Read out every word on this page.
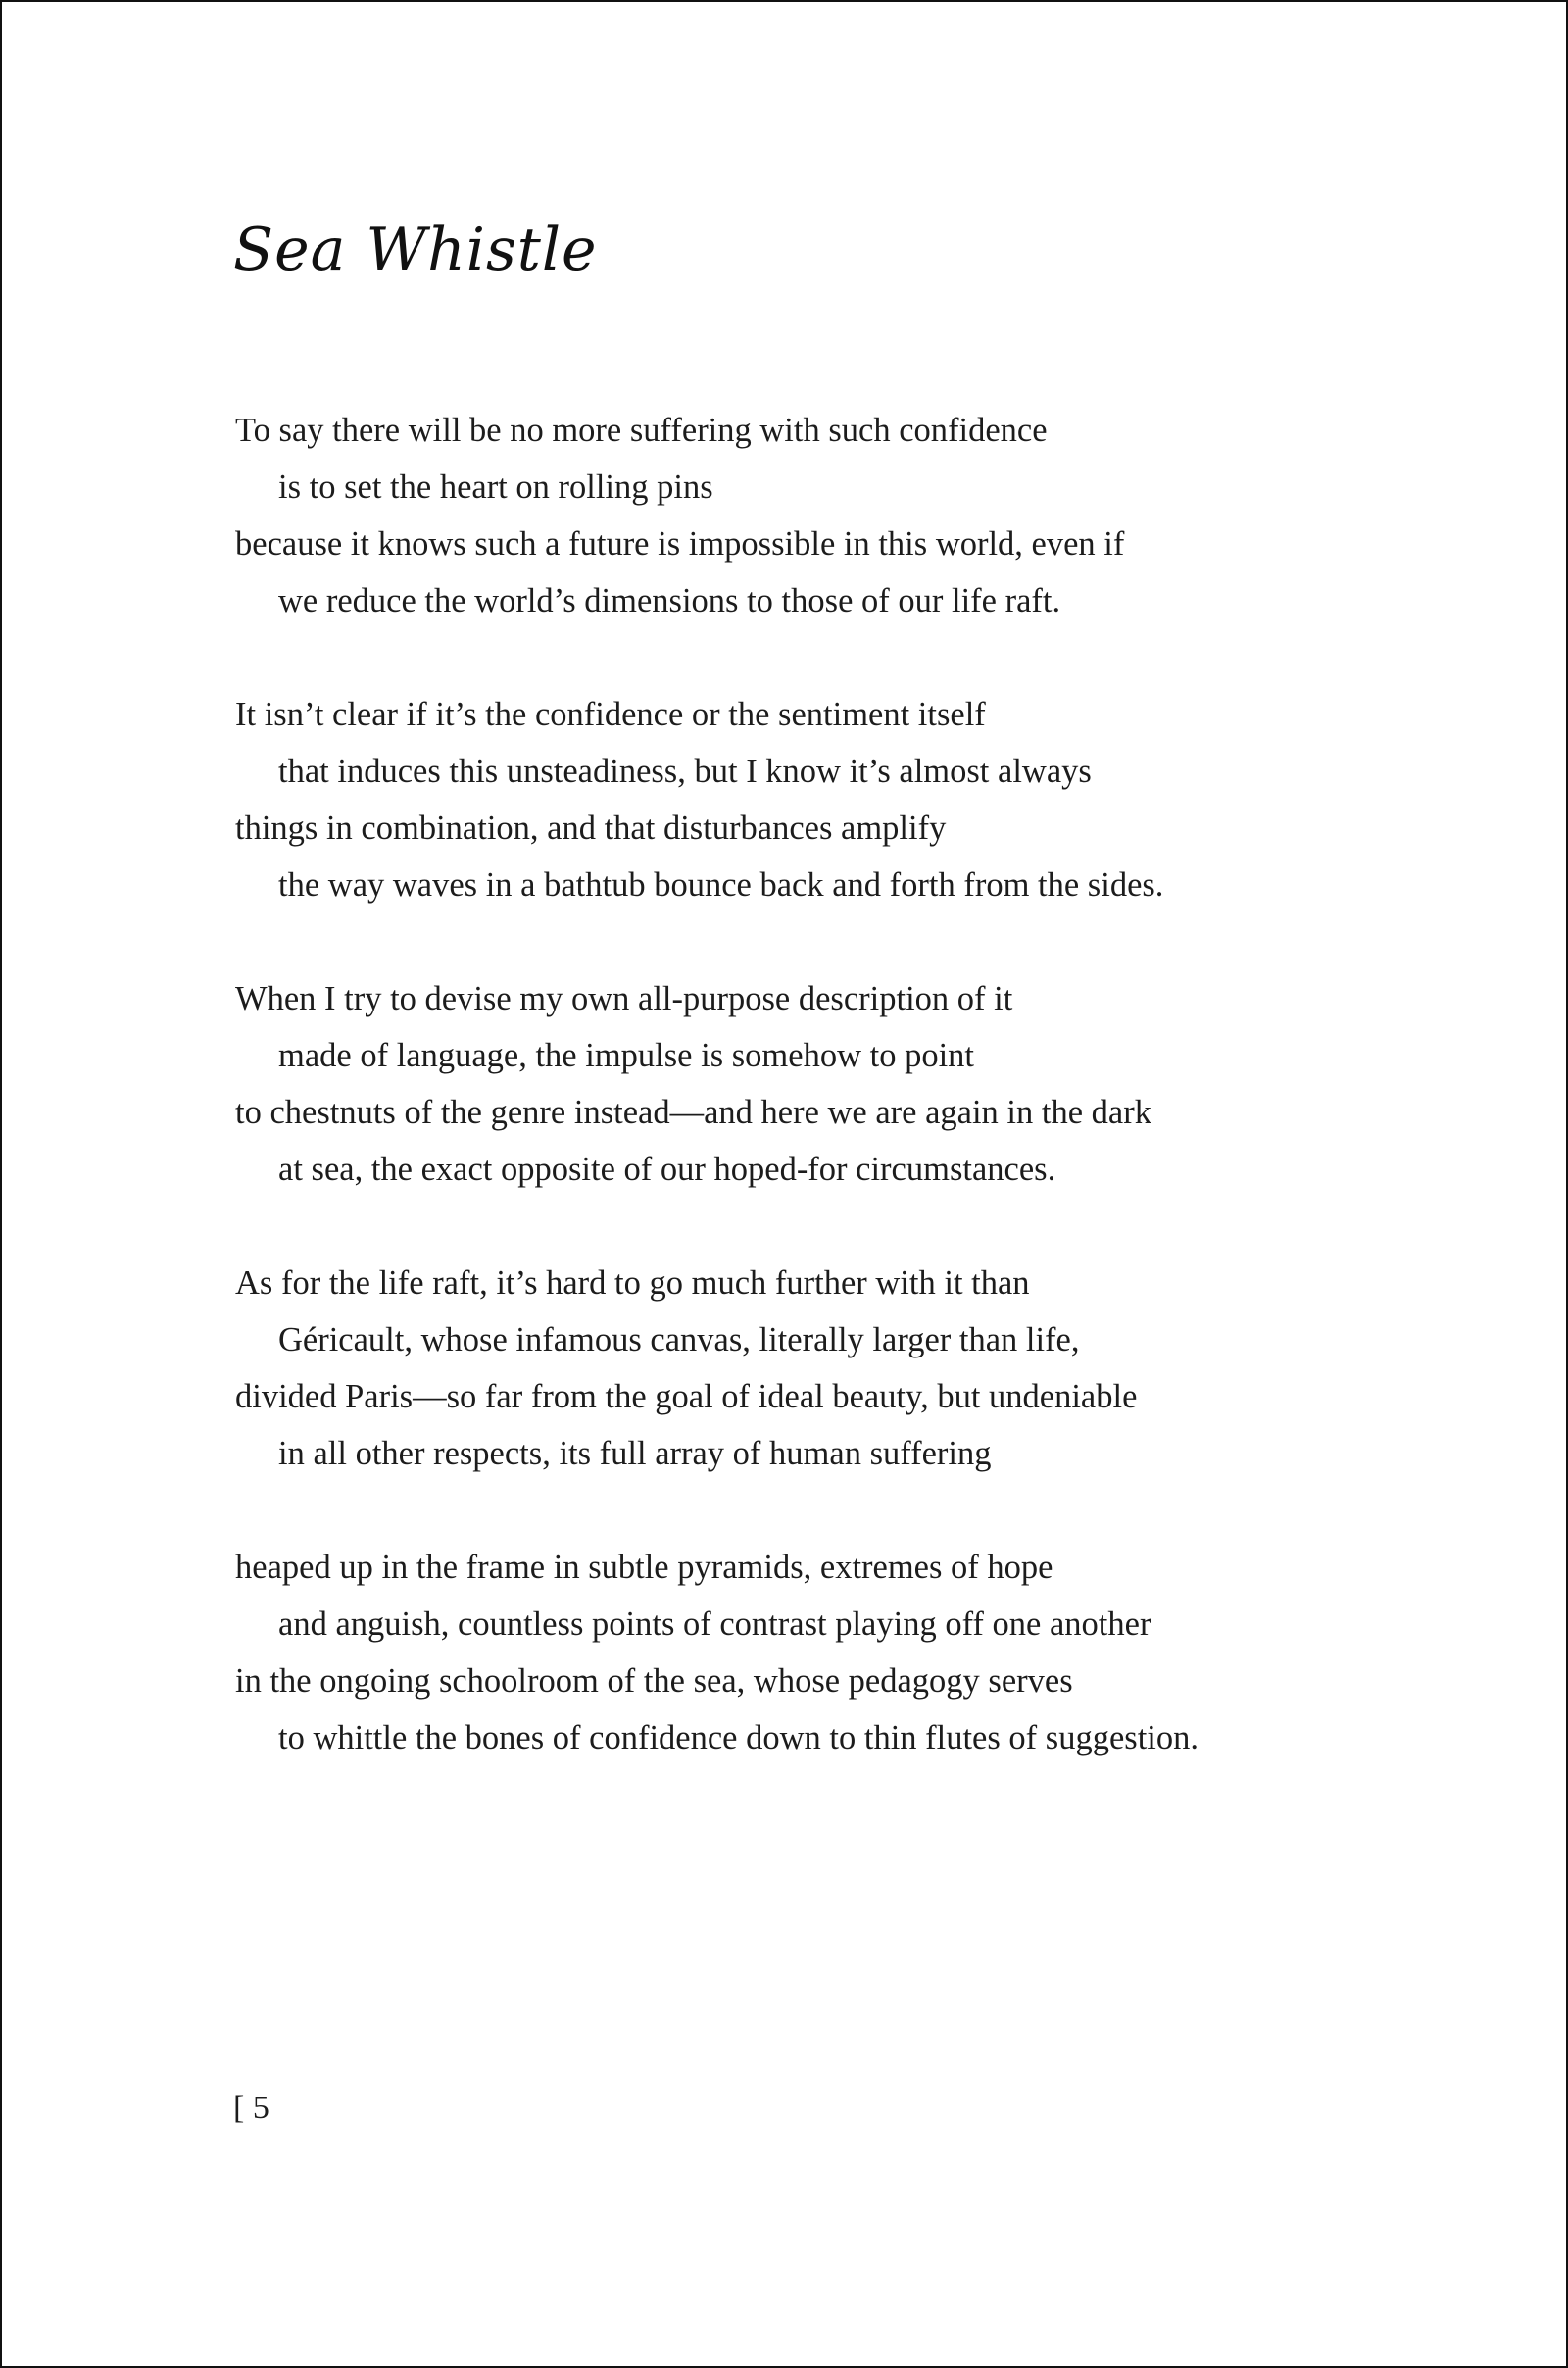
Sea Whistle
To say there will be no more suffering with such confidence
is to set the heart on rolling pins
because it knows such a future is impossible in this world, even if
we reduce the world’s dimensions to those of our life raft.
It isn’t clear if it’s the confidence or the sentiment itself
that induces this unsteadiness, but I know it’s almost always
things in combination, and that disturbances amplify
the way waves in a bathtub bounce back and forth from the sides.
When I try to devise my own all-purpose description of it
made of language, the impulse is somehow to point
to chestnuts of the genre instead—and here we are again in the dark
at sea, the exact opposite of our hoped-for circumstances.
As for the life raft, it’s hard to go much further with it than
Géricault, whose infamous canvas, literally larger than life,
divided Paris—so far from the goal of ideal beauty, but undeniable
in all other respects, its full array of human suffering
heaped up in the frame in subtle pyramids, extremes of hope
and anguish, countless points of contrast playing off one another
in the ongoing schoolroom of the sea, whose pedagogy serves
to whittle the bones of confidence down to thin flutes of suggestion.
[ 5
